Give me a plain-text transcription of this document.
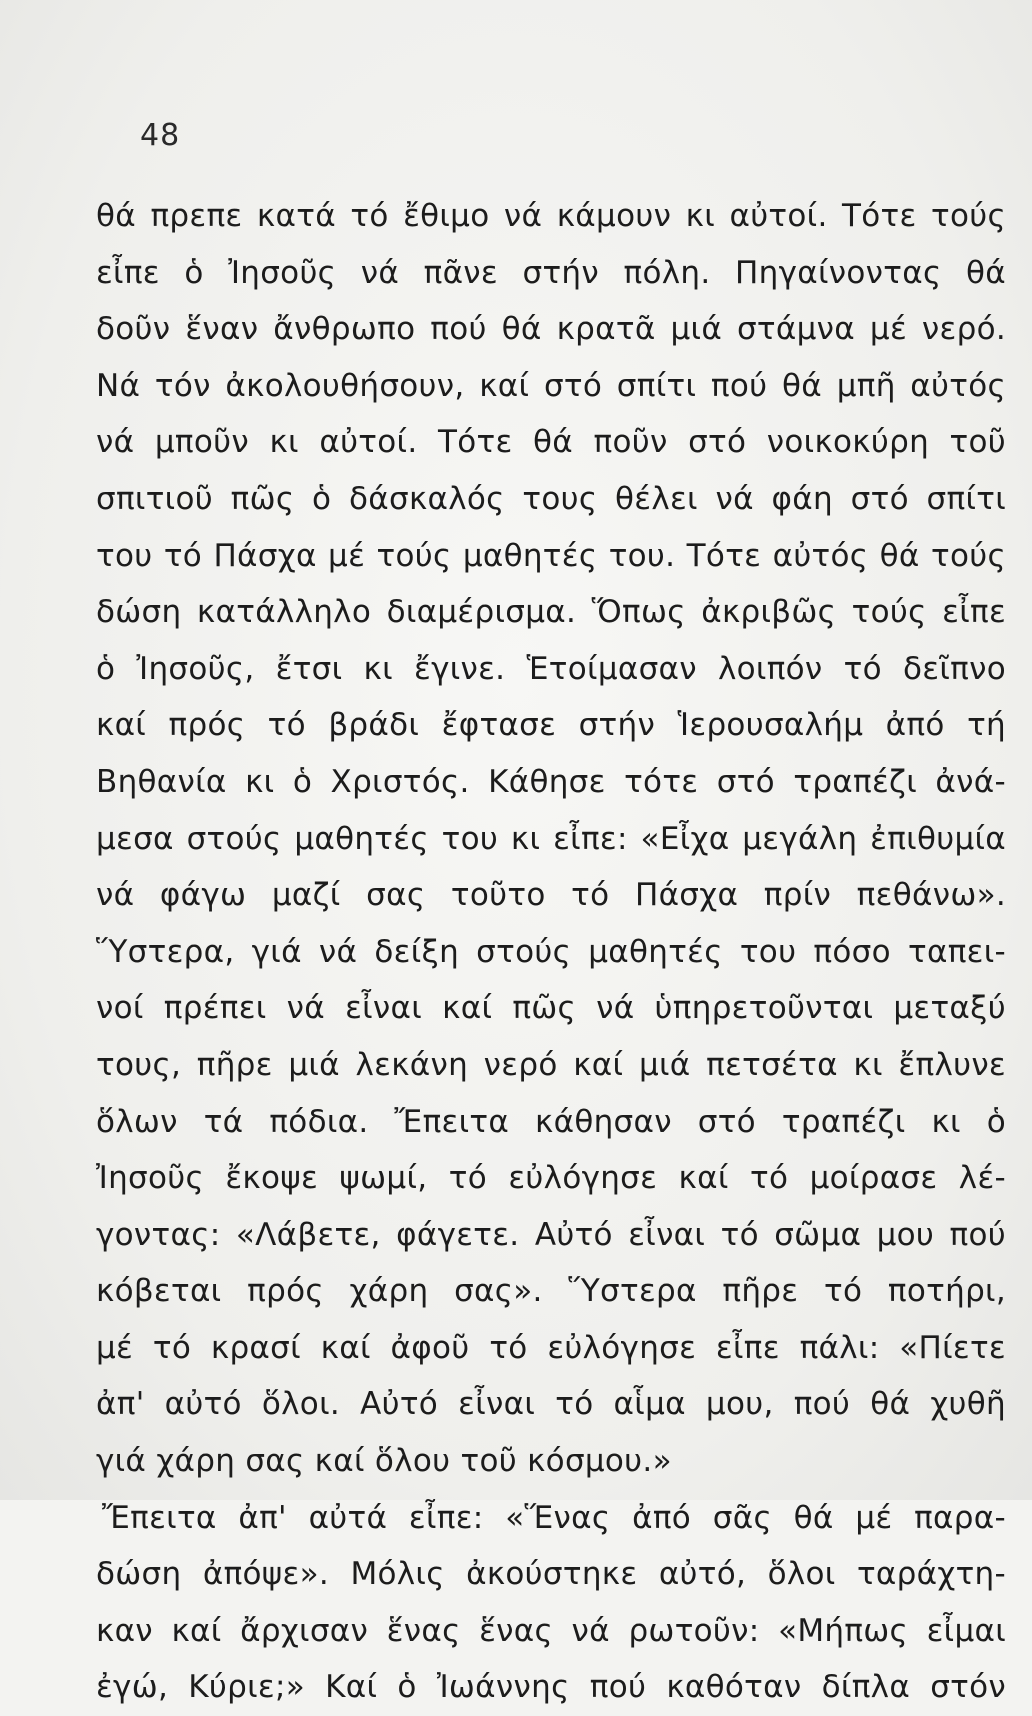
48
θά πρεπε κατά τό ἔθιμο νά κάμουν κι αὐτοί. Τότε τούς
εἶπε ὁ Ἰησοῦς νά πᾶνε στήν πόλη. Πηγαίνοντας θά
δοῦν ἕναν ἄνθρωπο πού θά κρατᾶ μιά στάμνα μέ νερό.
Νά τόν ἀκολουθήσουν, καί στό σπίτι πού θά μπῆ αὐτός
νά μποῦν κι αὐτοί. Τότε θά ποῦν στό νοικοκύρη τοῦ
σπιτιοῦ πῶς ὁ δάσκαλός τους θέλει νά φάη στό σπίτι
του τό Πάσχα μέ τούς μαθητές του. Τότε αὐτός θά τούς
δώση κατάλληλο διαμέρισμα. Ὅπως ἀκριβῶς τούς εἶπε
ὁ Ἰησοῦς, ἔτσι κι ἔγινε. Ἑτοίμασαν λοιπόν τό δεῖπνο
καί πρός τό βράδι ἔφτασε στήν Ἱερουσαλήμ ἀπό τή
Βηθανία κι ὁ Χριστός. Κάθησε τότε στό τραπέζι ἀνά-
μεσα στούς μαθητές του κι εἶπε: «Εἶχα μεγάλη ἐπιθυμία
νά φάγω μαζί σας τοῦτο τό Πάσχα πρίν πεθάνω».
Ὕστερα, γιά νά δείξη στούς μαθητές του πόσο ταπει-
νοί πρέπει νά εἶναι καί πῶς νά ὑπηρετοῦνται μεταξύ
τους, πῆρε μιά λεκάνη νερό καί μιά πετσέτα κι ἔπλυνε
ὅλων τά πόδια. Ἔπειτα κάθησαν στό τραπέζι κι ὁ
Ἰησοῦς ἔκοψε ψωμί, τό εὐλόγησε καί τό μοίρασε λέ-
γοντας: «Λάβετε, φάγετε. Αὐτό εἶναι τό σῶμα μου πού
κόβεται πρός χάρη σας». Ὕστερα πῆρε τό ποτήρι,
μέ τό κρασί καί ἀφοῦ τό εὐλόγησε εἶπε πάλι: «Πίετε
ἀπ' αὐτό ὅλοι. Αὐτό εἶναι τό αἷμα μου, πού θά χυθῆ
γιά χάρη σας καί ὅλου τοῦ κόσμου.»
Ἔπειτα ἀπ' αὐτά εἶπε: «Ἕνας ἀπό σᾶς θά μέ παρα-
δώση ἀπόψε». Μόλις ἀκούστηκε αὐτό, ὅλοι ταράχτη-
καν καί ἄρχισαν ἕνας ἕνας νά ρωτοῦν: «Μήπως εἶμαι
ἐγώ, Κύριε;» Καί ὁ Ἰωάννης πού καθόταν δίπλα στόν
